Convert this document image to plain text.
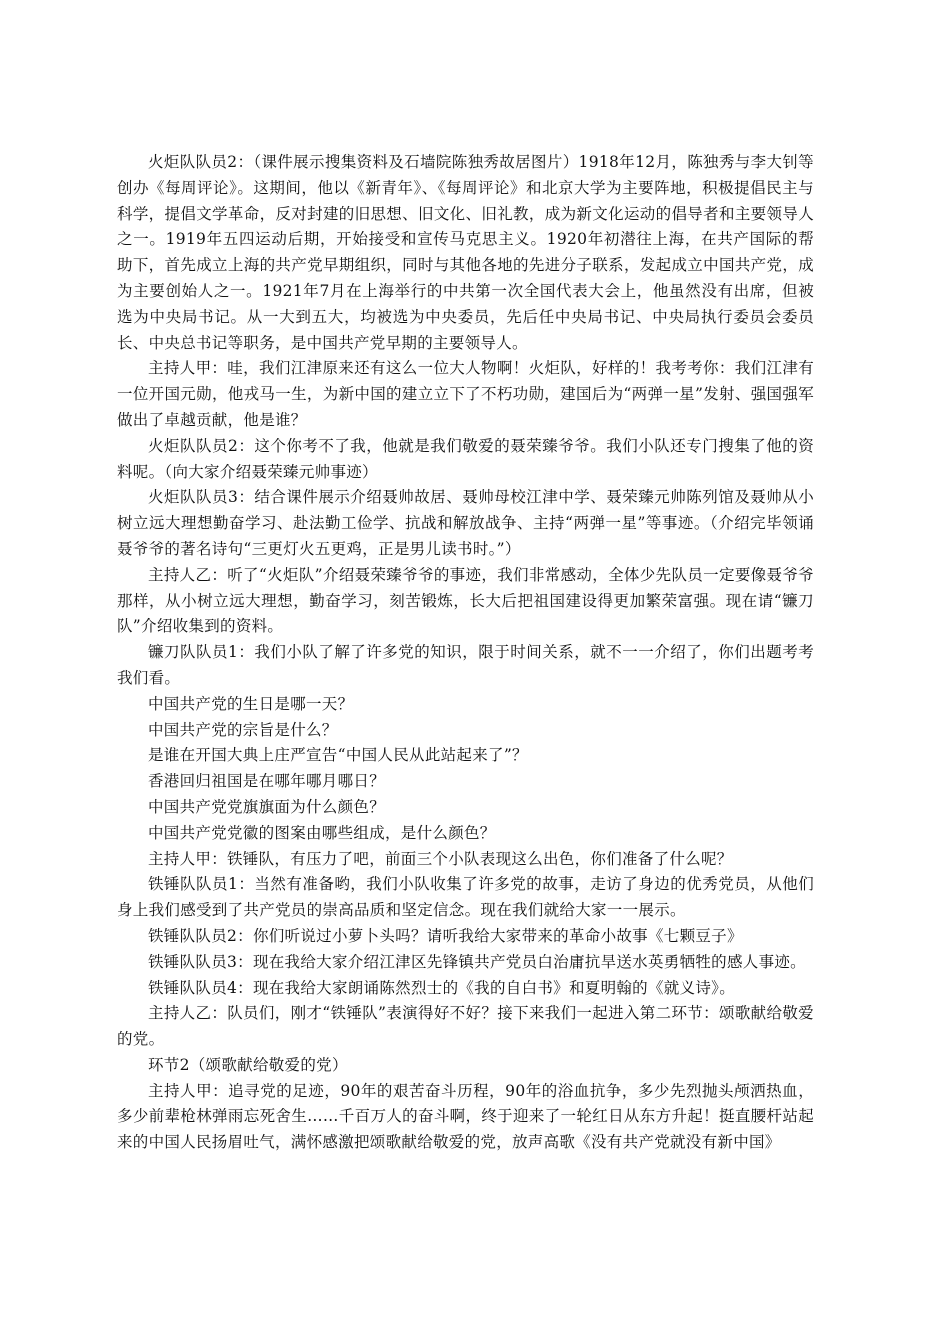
火炬队队员2：（课件展示搜集资料及石墙院陈独秀故居图片）1918年12月，陈独秀与李大钊等创办《每周评论》。这期间，他以《新青年》、《每周评论》和北京大学为主要阵地，积极提倡民主与科学，提倡文学革命，反对封建的旧思想、旧文化、旧礼教，成为新文化运动的倡导者和主要领导人之一。1919年五四运动后期，开始接受和宣传马克思主义。1920年初潜往上海，在共产国际的帮助下，首先成立上海的共产党早期组织，同时与其他各地的先进分子联系，发起成立中国共产党，成为主要创始人之一。1921年7月在上海举行的中共第一次全国代表大会上，他虽然没有出席，但被选为中央局书记。从一大到五大，均被选为中央委员，先后任中央局书记、中央局执行委员会委员长、中央总书记等职务，是中国共产党早期的主要领导人。

主持人甲：哇，我们江津原来还有这么一位大人物啊！火炬队，好样的！我考考你：我们江津有一位开国元勋，他戎马一生，为新中国的建立立下了不朽功勋，建国后为“两弹一星”发射、强国强军做出了卓越贡献，他是谁？

火炬队队员2：这个你考不了我，他就是我们敬爱的聂荣臻爷爷。我们小队还专门搜集了他的资料呢。（向大家介绍聂荣臻元帅事迹）

火炬队队员3：结合课件展示介绍聂帅故居、聂帅母校江津中学、聂荣臻元帅陈列馆及聂帅从小树立远大理想勤奋学习、赴法勤工俭学、抗战和解放战争、主持“两弹一星”等事迹。（介绍完毕领诵聂爷爷的著名诗句“三更灯火五更鸡，正是男儿读书时。”）

主持人乙：听了“火炬队”介绍聂荣臻爷爷的事迹，我们非常感动，全体少先队员一定要像聂爷爷那样，从小树立远大理想，勤奋学习，刻苦锻炼，长大后把祖国建设得更加繁荣富强。现在请“镰刀队”介绍收集到的资料。

镰刀队队员1：我们小队了解了许多党的知识，限于时间关系，就不一一介绍了，你们出题考考我们看。

中国共产党的生日是哪一天？

中国共产党的宗旨是什么？

是谁在开国大典上庄严宣告“中国人民从此站起来了”？

香港回归祖国是在哪年哪月哪日？

中国共产党党旗旗面为什么颜色？

中国共产党党徽的图案由哪些组成，是什么颜色？

主持人甲：铁锤队，有压力了吧，前面三个小队表现这么出色，你们准备了什么呢？

铁锤队队员1：当然有准备哟，我们小队收集了许多党的故事，走访了身边的优秀党员，从他们身上我们感受到了共产党员的崇高品质和坚定信念。现在我们就给大家一一展示。

铁锤队队员2：你们听说过小萝卜头吗？请听我给大家带来的革命小故事《七颗豆子》

铁锤队队员3：现在我给大家介绍江津区先锋镇共产党员白治庸抗旱送水英勇牺牲的感人事迹。

铁锤队队员4：现在我给大家朗诵陈然烈士的《我的自白书》和夏明翰的《就义诗》。

主持人乙：队员们，刚才“铁锤队”表演得好不好？接下来我们一起进入第二环节：颂歌献给敬爱的党。

环节2（颂歌献给敬爱的党）

主持人甲：追寻党的足迹，90年的艰苦奋斗历程，90年的浴血抗争，多少先烈抛头颅洒热血，多少前辈枪林弹雨忘死舍生……千百万人的奋斗啊，终于迎来了一轮红日从东方升起！挺直腰杆站起来的中国人民扬眉吐气，满怀感激把颂歌献给敬爱的党，放声高歌《没有共产党就没有新中国》
